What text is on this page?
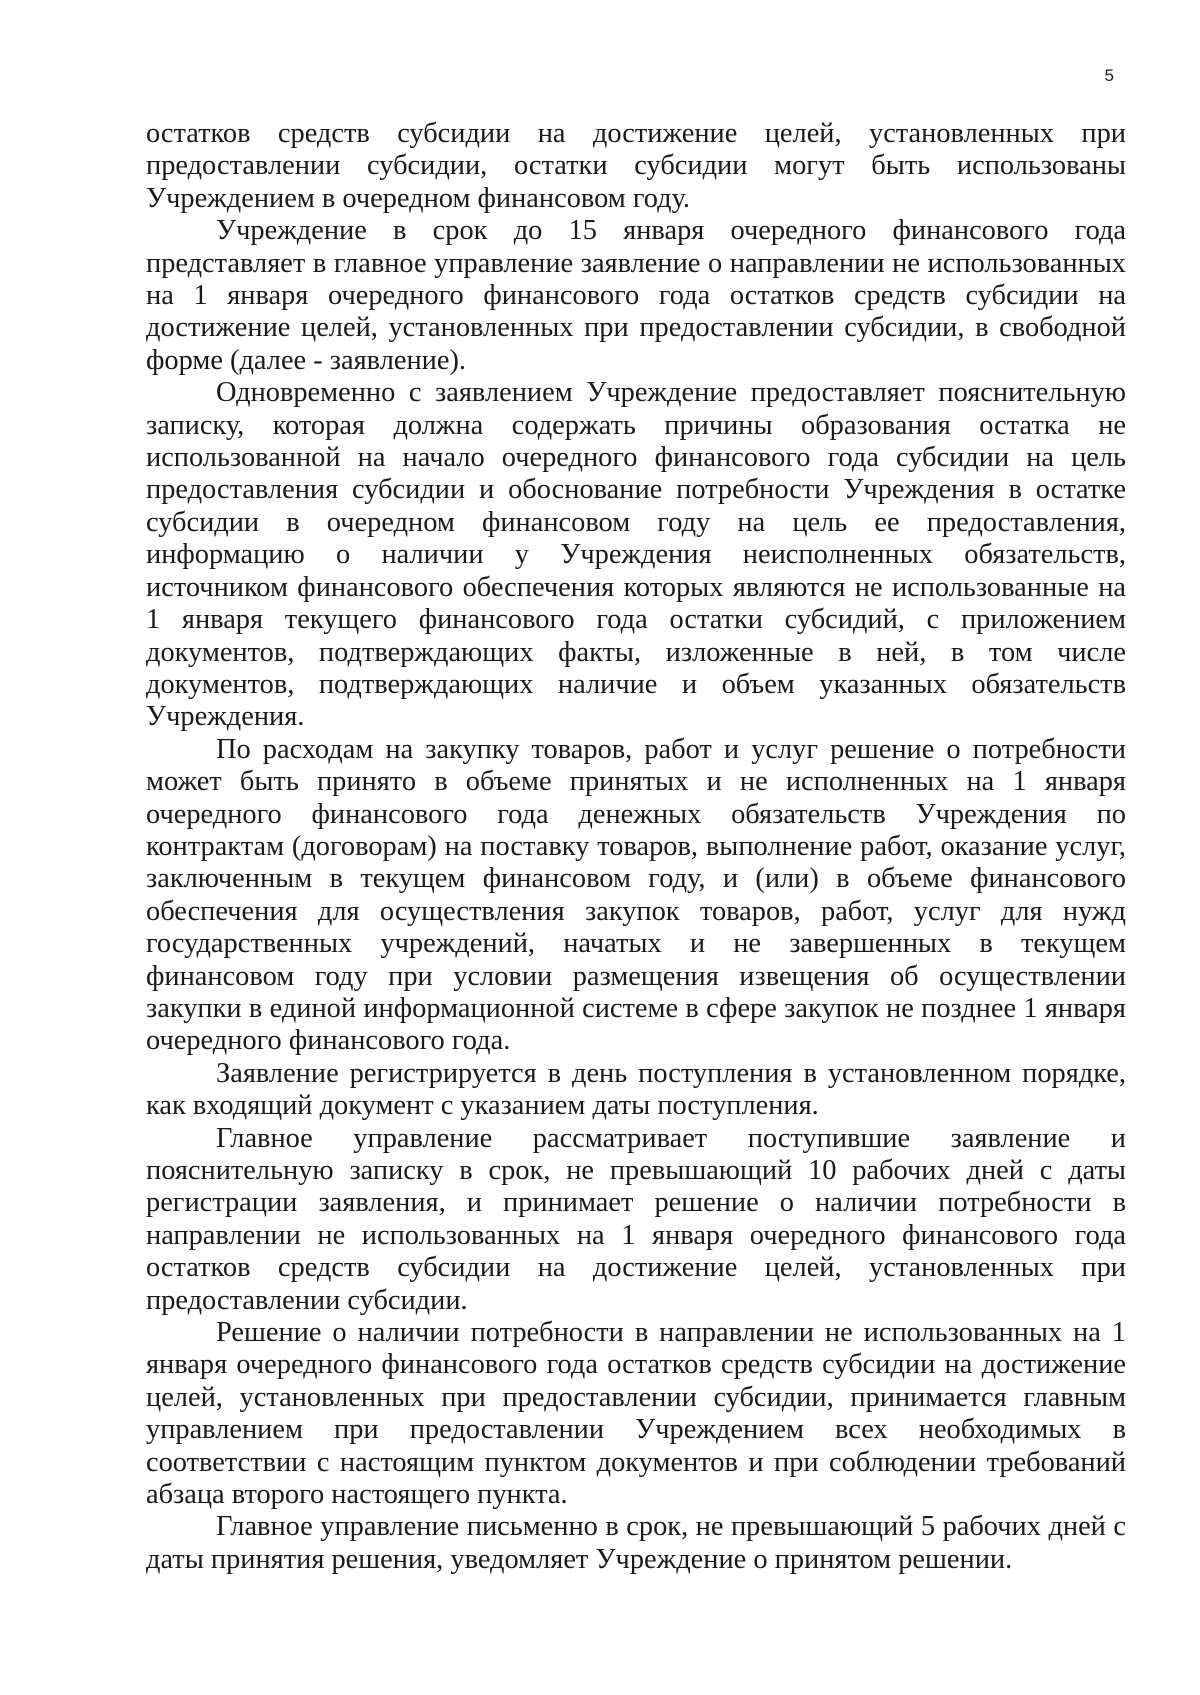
5

остатков средств субсидии на достижение целей, установленных при предоставлении субсидии, остатки субсидии могут быть использованы Учреждением в очередном финансовом году.

Учреждение в срок до 15 января очередного финансового года представляет в главное управление заявление о направлении не использованных на 1 января очередного финансового года остатков средств субсидии на достижение целей, установленных при предоставлении субсидии, в свободной форме (далее - заявление).

Одновременно с заявлением Учреждение предоставляет пояснительную записку, которая должна содержать причины образования остатка не использованной на начало очередного финансового года субсидии на цель предоставления субсидии и обоснование потребности Учреждения в остатке субсидии в очередном финансовом году на цель ее предоставления, информацию о наличии у Учреждения неисполненных обязательств, источником финансового обеспечения которых являются не использованные на 1 января текущего финансового года остатки субсидий, с приложением документов, подтверждающих факты, изложенные в ней, в том числе документов, подтверждающих наличие и объем указанных обязательств Учреждения.

По расходам на закупку товаров, работ и услуг решение о потребности может быть принято в объеме принятых и не исполненных на 1 января очередного финансового года денежных обязательств Учреждения по контрактам (договорам) на поставку товаров, выполнение работ, оказание услуг, заключенным в текущем финансовом году, и (или) в объеме финансового обеспечения для осуществления закупок товаров, работ, услуг для нужд государственных учреждений, начатых и не завершенных в текущем финансовом году при условии размещения извещения об осуществлении закупки в единой информационной системе в сфере закупок не позднее 1 января очередного финансового года.

Заявление регистрируется в день поступления в установленном порядке, как входящий документ с указанием даты поступления.

Главное управление рассматривает поступившие заявление и пояснительную записку в срок, не превышающий 10 рабочих дней с даты регистрации заявления, и принимает решение о наличии потребности в направлении не использованных на 1 января очередного финансового года остатков средств субсидии на достижение целей, установленных при предоставлении субсидии.

Решение о наличии потребности в направлении не использованных на 1 января очередного финансового года остатков средств субсидии на достижение целей, установленных при предоставлении субсидии, принимается главным управлением при предоставлении Учреждением всех необходимых в соответствии с настоящим пунктом документов и при соблюдении требований абзаца второго настоящего пункта.

Главное управление письменно в срок, не превышающий 5 рабочих дней с даты принятия решения, уведомляет Учреждение о принятом решении.
